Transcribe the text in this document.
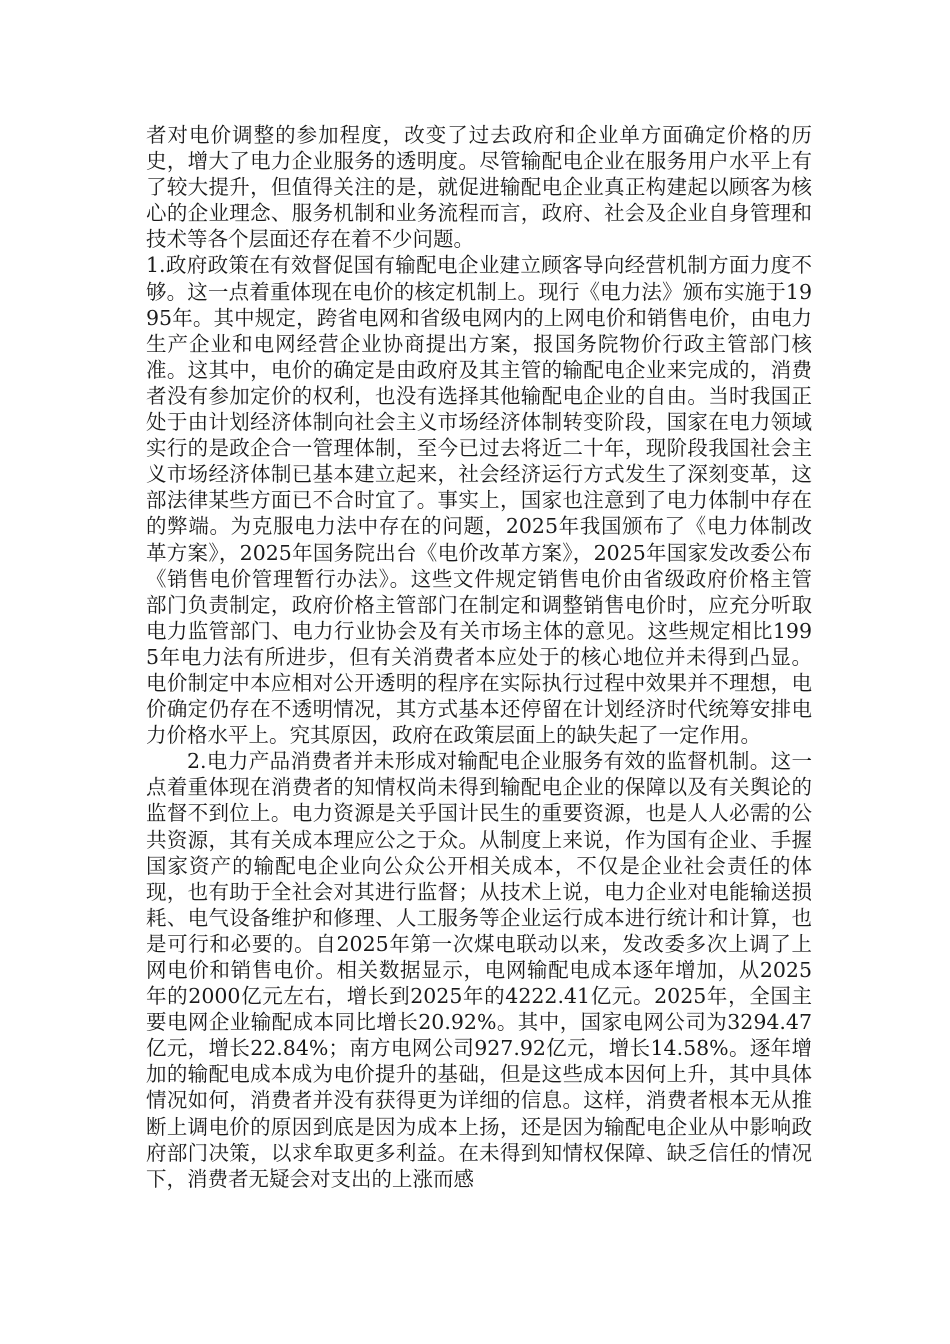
者对电价调整的参加程度，改变了过去政府和企业单方面确定价格的历史，增大了电力企业服务的透明度。尽管输配电企业在服务用户水平上有了较大提升，但值得关注的是，就促进输配电企业真正构建起以顾客为核心的企业理念、服务机制和业务流程而言，政府、社会及企业自身管理和技术等各个层面还存在着不少问题。

1.政府政策在有效督促国有输配电企业建立顾客导向经营机制方面力度不够。这一点着重体现在电价的核定机制上。现行《电力法》颁布实施于1995年。其中规定，跨省电网和省级电网内的上网电价和销售电价，由电力生产企业和电网经营企业协商提出方案，报国务院物价行政主管部门核准。这其中，电价的确定是由政府及其主管的输配电企业来完成的，消费者没有参加定价的权利，也没有选择其他输配电企业的自由。当时我国正处于由计划经济体制向社会主义市场经济体制转变阶段，国家在电力领域实行的是政企合一管理体制，至今已过去将近二十年，现阶段我国社会主义市场经济体制已基本建立起来，社会经济运行方式发生了深刻变革，这部法律某些方面已不合时宜了。事实上，国家也注意到了电力体制中存在的弊端。为克服电力法中存在的问题，2025年我国颁布了《电力体制改革方案》，2025年国务院出台《电价改革方案》，2025年国家发改委公布《销售电价管理暂行办法》。这些文件规定销售电价由省级政府价格主管部门负责制定，政府价格主管部门在制定和调整销售电价时，应充分听取电力监管部门、电力行业协会及有关市场主体的意见。这些规定相比1995年电力法有所进步，但有关消费者本应处于的核心地位并未得到凸显。电价制定中本应相对公开透明的程序在实际执行过程中效果并不理想，电价确定仍存在不透明情况，其方式基本还停留在计划经济时代统筹安排电力价格水平上。究其原因，政府在政策层面上的缺失起了一定作用。

2.电力产品消费者并未形成对输配电企业服务有效的监督机制。这一点着重体现在消费者的知情权尚未得到输配电企业的保障以及有关舆论的监督不到位上。电力资源是关乎国计民生的重要资源，也是人人必需的公共资源，其有关成本理应公之于众。从制度上来说，作为国有企业、手握国家资产的输配电企业向公众公开相关成本，不仅是企业社会责任的体现，也有助于全社会对其进行监督；从技术上说，电力企业对电能输送损耗、电气设备维护和修理、人工服务等企业运行成本进行统计和计算，也是可行和必要的。自2025年第一次煤电联动以来，发改委多次上调了上网电价和销售电价。相关数据显示，电网输配电成本逐年增加，从2025年的2000亿元左右，增长到2025年的4222.41亿元。2025年，全国主要电网企业输配成本同比增长20.92%。其中，国家电网公司为3294.47亿元，增长22.84%；南方电网公司927.92亿元，增长14.58%。逐年增加的输配电成本成为电价提升的基础，但是这些成本因何上升，其中具体情况如何，消费者并没有获得更为详细的信息。这样，消费者根本无从推断上调电价的原因到底是因为成本上扬，还是因为输配电企业从中影响政府部门决策，以求牟取更多利益。在未得到知情权保障、缺乏信任的情况下，消费者无疑会对支出的上涨而感
